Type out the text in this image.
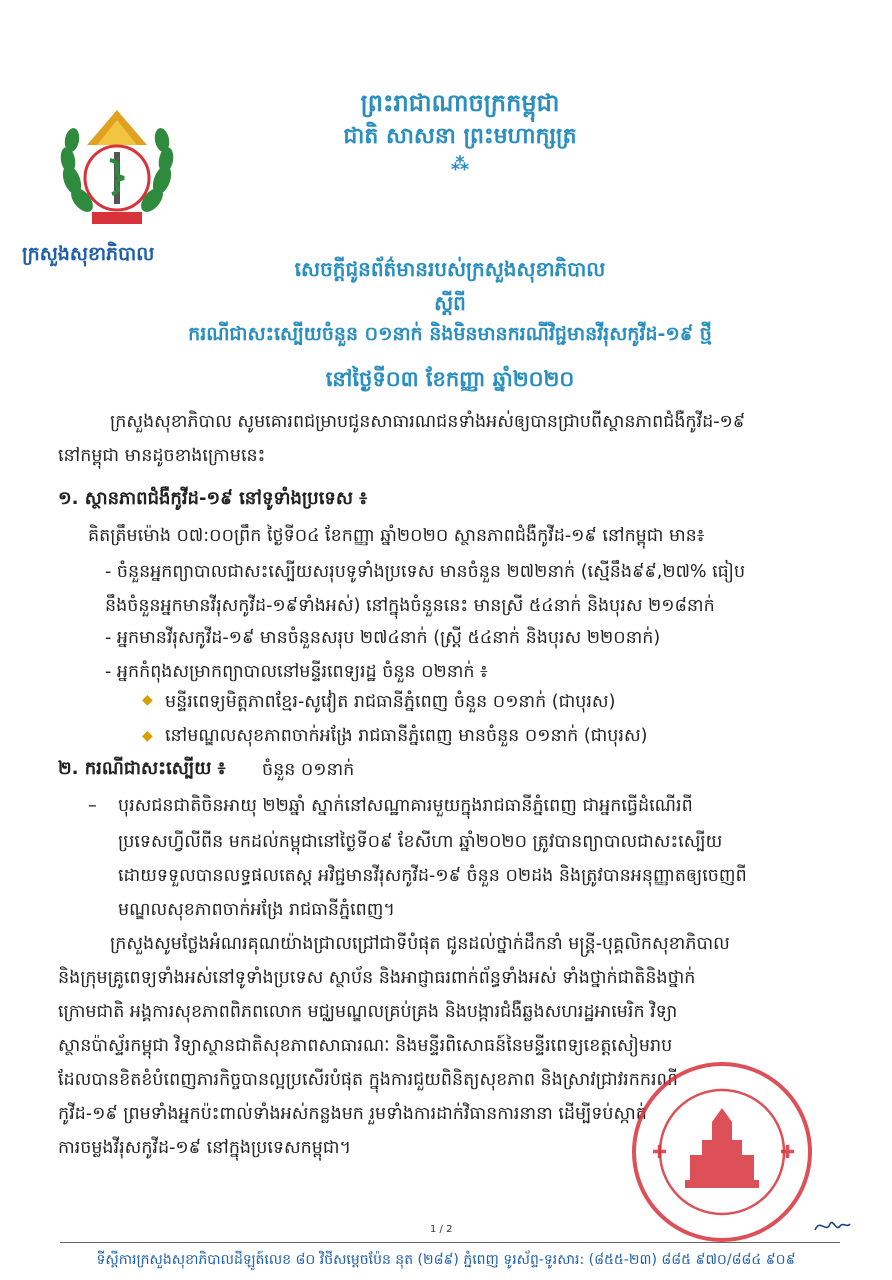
ក្រសួងសុខាភិបាល
ព្រះរាជាណាចក្រកម្ពុជា
ជាតិ សាសនា ព្រះមហាក្សត្រ
⁂
សេចក្តីជូនព័ត៌មានរបស់ក្រសួងសុខាភិបាល
ស្តីពី
ករណីជាសះស្បើយចំនួន ០១នាក់ និងមិនមានករណីវិជ្ជមានវីរុសកូវីដ-១៩ ថ្មី
នៅថ្ងៃទី០៣ ខែកញ្ញា ឆ្នាំ២០២០
ក្រសួងសុខាភិបាល សូមគោរពជម្រាបជូនសាធារណជនទាំងអស់ឲ្យបានជ្រាបពីស្ថានភាពជំងឺកូវីដ-១៩
នៅកម្ពុជា មានដូចខាងក្រោមនេះ
១. ស្ថានភាពជំងឺកូវីដ-១៩ នៅទូទាំងប្រទេស ៖
គិតត្រឹមម៉ោង ០៧:០០ព្រឹក ថ្ងៃទី០៤ ខែកញ្ញា ឆ្នាំ២០២០ ស្ថានភាពជំងឺកូវីដ-១៩ នៅកម្ពុជា មាន៖
- ចំនួនអ្នកព្យាបាលជាសះស្បើយសរុបទូទាំងប្រទេស មានចំនួន ២៧២នាក់ (ស្មើនឹង៩៩,២៧% ធៀប
នឹងចំនួនអ្នកមានវីរុសកូវីដ-១៩ទាំងអស់) នៅក្នុងចំនួននេះ មានស្រី ៥៤នាក់ និងបុរស ២១៨នាក់
- អ្នកមានវីរុសកូវីដ-១៩ មានចំនួនសរុប ២៧៤នាក់ (ស្ត្រី ៥៤នាក់ និងបុរស ២២០នាក់)
- អ្នកកំពុងសម្រាកព្យាបាលនៅមន្ទីរពេទ្យរដ្ឋ ចំនួន ០២នាក់ ៖
◆ មន្ទីរពេទ្យមិត្តភាពខ្មែរ-សូវៀត រាជធានីភ្នំពេញ ចំនួន ០១នាក់ (ជាបុរស)
◆ នៅមណ្ឌលសុខភាពចាក់អង្រែ រាជធានីភ្នំពេញ មានចំនួន ០១នាក់ (ជាបុរស)
២. ករណីជាសះស្បើយ ៖ ចំនួន ០១នាក់
– បុរសជនជាតិចិនអាយុ ២២ឆ្នាំ ស្នាក់នៅសណ្ឋាគារមួយក្នុងរាជធានីភ្នំពេញ ជាអ្នកធ្វើដំណើរពី
ប្រទេសហ្វីលីពីន មកដល់កម្ពុជានៅថ្ងៃទី០៩ ខែសីហា ឆ្នាំ២០២០ ត្រូវបានព្យាបាលជាសះស្បើយ
ដោយទទួលបានលទ្ធផលតេស្ត អវិជ្ជមានវីរុសកូវីដ-១៩ ចំនួន ០២ដង និងត្រូវបានអនុញ្ញាតឲ្យចេញពី
មណ្ឌលសុខភាពចាក់អង្រែ រាជធានីភ្នំពេញ។
ក្រសួងសូមថ្លែងអំណរគុណយ៉ាងជ្រាលជ្រៅជាទីបំផុត ជូនដល់ថ្នាក់ដឹកនាំ មន្ត្រី-បុគ្គលិកសុខាភិបាល
និងក្រុមគ្រូពេទ្យទាំងអស់នៅទូទាំងប្រទេស ស្ថាប័ន និងអាជ្ញាធរពាក់ព័ន្ធទាំងអស់ ទាំងថ្នាក់ជាតិនិងថ្នាក់
ក្រោមជាតិ អង្គការសុខភាពពិភពលោក មជ្ឈមណ្ឌលគ្រប់គ្រង និងបង្ការជំងឺឆ្លងសហរដ្ឋអាមេរិក វិទ្យា
ស្ថានប៉ាស្ទ័រកម្ពុជា វិទ្យាស្ថានជាតិសុខភាពសាធារណៈ និងមន្ទីរពិសោធន៍នៃមន្ទីរពេទ្យខេត្តសៀមរាប
ដែលបានខិតខំបំពេញភារកិច្ចបានល្អប្រសើរបំផុត ក្នុងការជួយពិនិត្យសុខភាព និងស្រាវជ្រាវរកករណី
កូវីដ-១៩ ព្រមទាំងអ្នកប៉ះពាល់ទាំងអស់កន្លងមក រួមទាំងការដាក់វិធានការនានា ដើម្បីទប់ស្កាត់
ការចម្លងវីរុសកូវីដ-១៩ នៅក្នុងប្រទេសកម្ពុជា។	✚	✚
1 / 2
ទីស្ដីការក្រសួងសុខាភិបាលដីឡូត៍លេខ ៨០ វិថីសម្ដេចប៉ែន នុត (២៨៩) ភ្នំពេញ ទូរស័ព្ទ-ទូរសារ: (៨៥៥-២៣) ៨៨៥ ៩៧០/៨៨៤ ៩០៩
